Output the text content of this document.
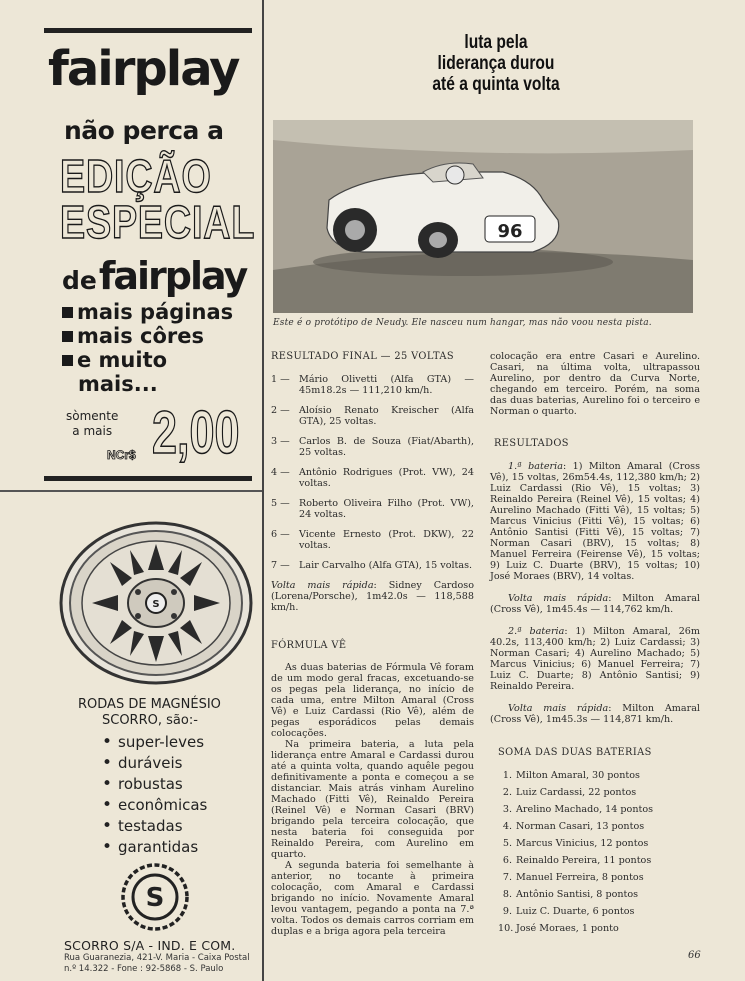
fairplay
não perca a
EDIÇÃO
ESPECIAL
de fairplay
mais páginas
mais côres
e muito
mais...
sòmente
a mais
NCr$ 2,00
S
RODAS DE MAGNÉSIO
SCORRO, são:-
• super-leves
• duráveis
• robustas
• econômicas
• testadas
• garantidas
S
SCORRO S/A - IND. E COM.
Rua Guaranezia, 421-V. Maria - Caixa Postal
n.º 14.322 - Fone : 92-5868 - S. Paulo
luta pela
liderança durou
até a quinta volta
96
Este é o protótipo de Neudy. Ele nasceu num hangar, mas não voou nesta pista.
RESULTADO FINAL — 25 VOLTAS
1 — Mário Olivetti (Alfa GTA) — 45m18.2s — 111,210 km/h.
2 — Aloísio Renato Kreischer (Alfa GTA), 25 voltas.
3 — Carlos B. de Souza (Fiat/Abarth), 25 voltas.
4 — Antônio Rodrigues (Prot. VW), 24 voltas.
5 — Roberto Oliveira Filho (Prot. VW), 24 voltas.
6 — Vicente Ernesto (Prot. DKW), 22 voltas.
7 — Lair Carvalho (Alfa GTA), 15 voltas.

Volta mais rápida: Sidney Cardoso (Lorena/Porsche), 1m42.0s — 118,588 km/h.

FÓRMULA VÊ

As duas baterias de Fórmula Vê foram de um modo geral fracas, excetuando-se os pegas pela liderança, no início de cada uma, entre Milton Amaral (Cross Vê) e Luiz Cardassi (Rio Vê), além de pegas esporádicos pelas demais colocações.

Na primeira bateria, a luta pela liderança entre Amaral e Cardassi durou até a quinta volta, quando aquêle pegou definitivamente a ponta e começou a se distanciar. Mais atrás vinham Aurelino Machado (Fitti Vê), Reinaldo Pereira (Reinel Vê) e Norman Casari (BRV) brigando pela terceira colocação, que nesta bateria foi conseguida por Reinaldo Pereira, com Aurelino em quarto.

A segunda bateria foi semelhante à anterior, no tocante à primeira colocação, com Amaral e Cardassi brigando no início. Novamente Amaral levou vantagem, pegando a ponta na 7.ª volta. Todos os demais carros corriam em duplas e a briga agora pela terceira

colocação era entre Casari e Aurelino. Casari, na última volta, ultrapassou Aurelino, por dentro da Curva Norte, chegando em terceiro. Porém, na soma das duas baterias, Aurelino foi o terceiro e Norman o quarto.

RESULTADOS

1.ª bateria: 1) Milton Amaral (Cross Vê), 15 voltas, 26m54.4s, 112,380 km/h; 2) Luiz Cardassi (Rio Vê), 15 voltas; 3) Reinaldo Pereira (Reinel Vê), 15 voltas; 4) Aurelino Machado (Fitti Vê), 15 voltas; 5) Marcus Vinicius (Fitti Vê), 15 voltas; 6) Antônio Santisi (Fitti Vê), 15 voltas; 7) Norman Casari (BRV), 15 voltas; 8) Manuel Ferreira (Feirense Vê), 15 voltas; 9) Luiz C. Duarte (BRV), 15 voltas; 10) José Moraes (BRV), 14 voltas.

Volta mais rápida: Milton Amaral (Cross Vê), 1m45.4s — 114,762 km/h.

2.ª bateria: 1) Milton Amaral, 26m 40.2s, 113,400 km/h; 2) Luiz Cardassi; 3) Norman Casari; 4) Aurelino Machado; 5) Marcus Vinicius; 6) Manuel Ferreira; 7) Luiz C. Duarte; 8) Antônio Santisi; 9) Reinaldo Pereira.

Volta mais rápida: Milton Amaral (Cross Vê), 1m45.3s — 114,871 km/h.

SOMA DAS DUAS BATERIAS
1. Milton Amaral, 30 pontos
2. Luiz Cardassi, 22 pontos
3. Arelino Machado, 14 pontos
4. Norman Casari, 13 pontos
5. Marcus Vinicius, 12 pontos
6. Reinaldo Pereira, 11 pontos
7. Manuel Ferreira, 8 pontos
8. Antônio Santisi, 8 pontos
9. Luiz C. Duarte, 6 pontos
10. José Moraes, 1 ponto
66
